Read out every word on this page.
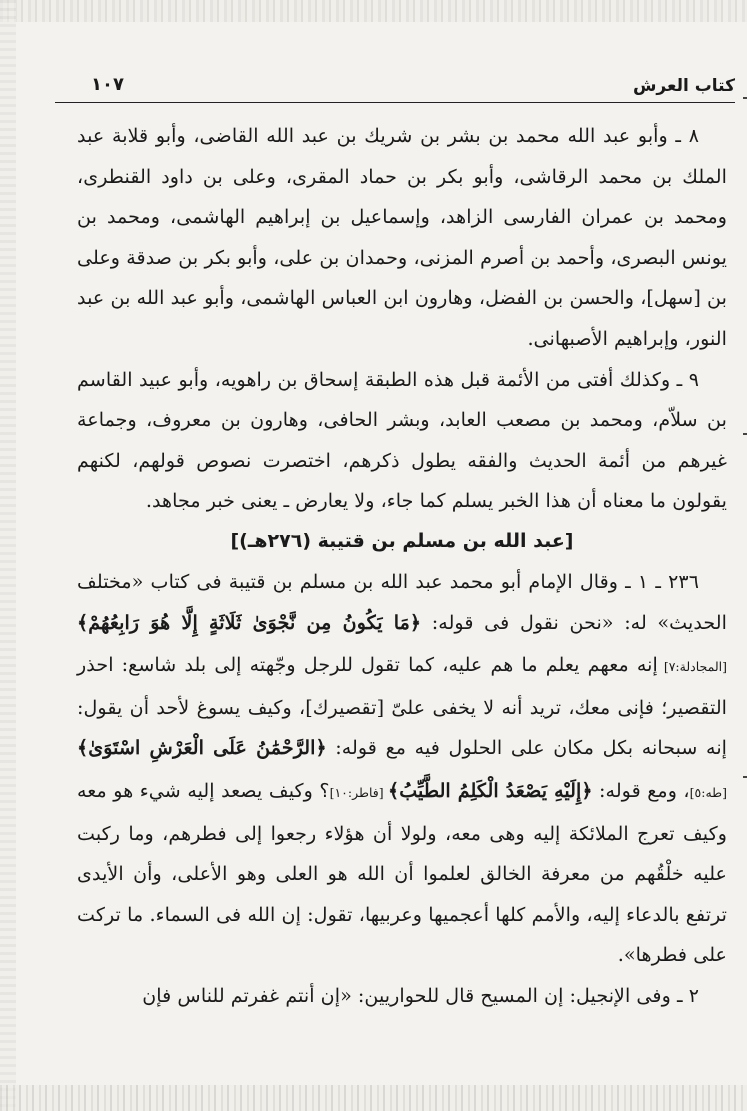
كتاب العرش
١٠٧

٨ ـ وأبو عبد الله محمد بن بشر بن شريك بن عبد الله القاضى، وأبو قلابة عبد الملك بن محمد الرقاشى، وأبو بكر بن حماد المقرى، وعلى بن داود القنطرى، ومحمد بن عمران الفارسى الزاهد، وإسماعيل بن إبراهيم الهاشمى، ومحمد بن يونس البصرى، وأحمد بن أصرم المزنى، وحمدان بن على، وأبو بكر بن صدقة وعلى بن [سهل]، والحسن بن الفضل، وهارون ابن العباس الهاشمى، وأبو عبد الله بن عبد النور، وإبراهيم الأصبهانى.

٩ ـ وكذلك أفتى من الأئمة قبل هذه الطبقة إسحاق بن راهويه، وأبو عبيد القاسم بن سلاّم، ومحمد بن مصعب العابد، وبشر الحافى، وهارون بن معروف، وجماعة غيرهم من أئمة الحديث والفقه يطول ذكرهم، اختصرت نصوص قولهم، لكنهم يقولون ما معناه أن هذا الخبر يسلم كما جاء، ولا يعارض ـ يعنى خبر مجاهد.

[عبد الله بن مسلم بن قتيبة (٢٧٦هـ)]

٢٣٦ ـ ١ ـ وقال الإمام أبو محمد عبد الله بن مسلم بن قتيبة فى كتاب «مختلف الحديث» له: «نحن نقول فى قوله: ﴿مَا يَكُونُ مِن نَّجْوَىٰ ثَلَاثَةٍ إِلَّا هُوَ رَابِعُهُمْ﴾ [المجادلة:٧] إنه معهم يعلم ما هم عليه، كما تقول للرجل وجّهته إلى بلد شاسع: احذر التقصير؛ فإنى معك، تريد أنه لا يخفى علىّ [تقصيرك]، وكيف يسوغ لأحد أن يقول: إنه سبحانه بكل مكان على الحلول فيه مع قوله: ﴿الرَّحْمَٰنُ عَلَى الْعَرْشِ اسْتَوَىٰ﴾ [طه:٥]، ومع قوله: ﴿إِلَيْهِ يَصْعَدُ الْكَلِمُ الطَّيِّبُ﴾ [فاطر:١٠]؟ وكيف يصعد إليه شيء هو معه وكيف تعرج الملائكة إليه وهى معه، ولولا أن هؤلاء رجعوا إلى فطرهم، وما ركبت عليه خلْقُهم من معرفة الخالق لعلموا أن الله هو العلى وهو الأعلى، وأن الأيدى ترتفع بالدعاء إليه، والأمم كلها أعجميها وعربيها، تقول: إن الله فى السماء. ما تركت على فطرها».

٢ ـ وفى الإنجيل: إن المسيح قال للحواريين: «إن أنتم غفرتم للناس فإن
